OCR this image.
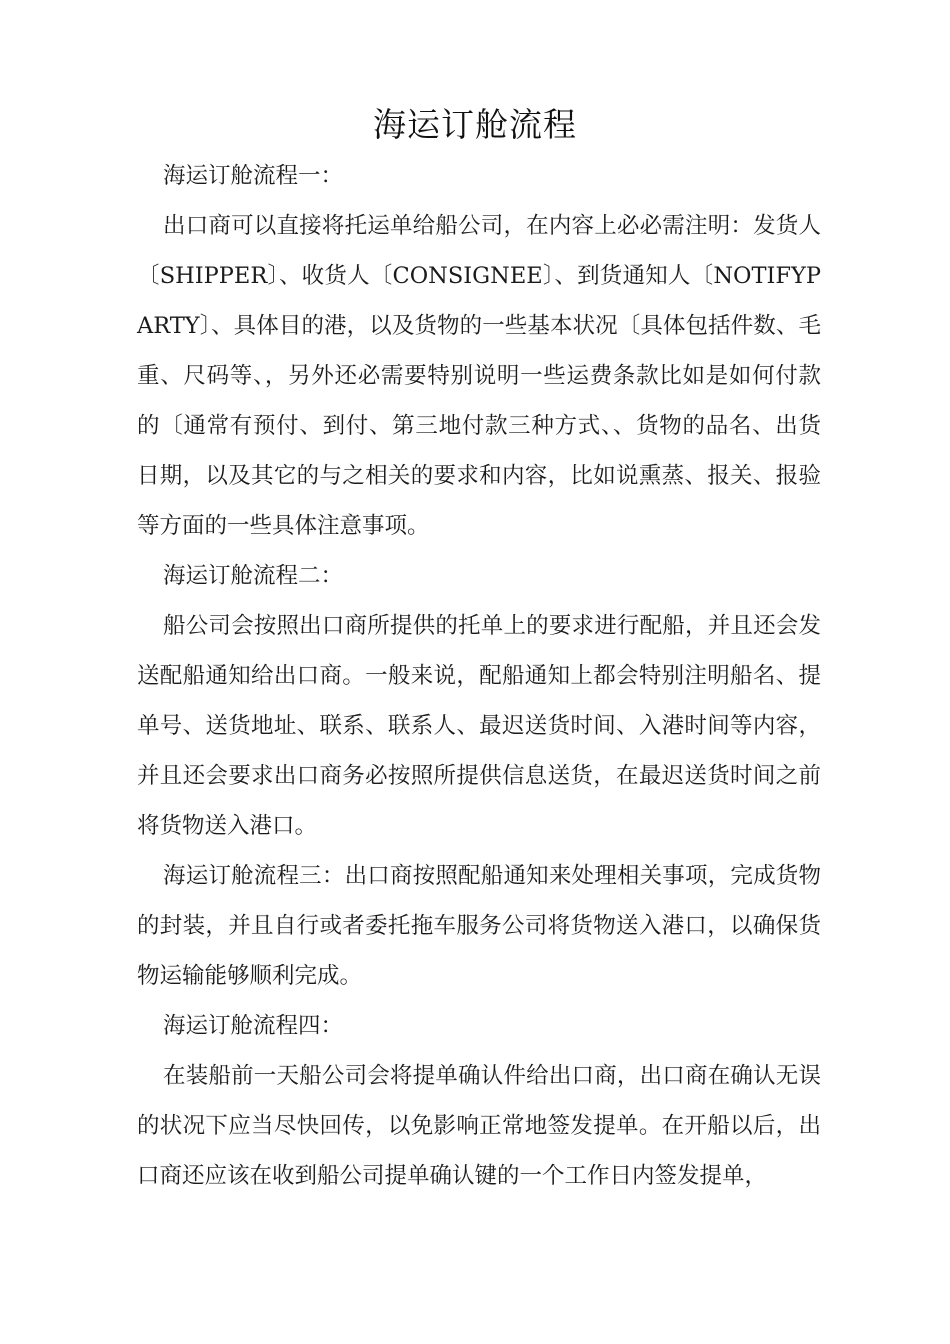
海运订舱流程

海运订舱流程一：

出口商可以直接将托运单给船公司，在内容上必必需注明：发货人〔SHIPPER〕、收货人〔CONSIGNEE〕、到货通知人〔NOTIFYPARTY〕、具体目的港，以及货物的一些基本状况〔具体包括件数、毛重、尺码等、，另外还必需要特别说明一些运费条款比如是如何付款的〔通常有预付、到付、第三地付款三种方式、、货物的品名、出货日期，以及其它的与之相关的要求和内容，比如说熏蒸、报关、报验等方面的一些具体注意事项。

海运订舱流程二：

船公司会按照出口商所提供的托单上的要求进行配船，并且还会发送配船通知给出口商。一般来说，配船通知上都会特别注明船名、提单号、送货地址、联系、联系人、最迟送货时间、入港时间等内容，并且还会要求出口商务必按照所提供信息送货，在最迟送货时间之前将货物送入港口。

海运订舱流程三：出口商按照配船通知来处理相关事项，完成货物的封装，并且自行或者委托拖车服务公司将货物送入港口，以确保货物运输能够顺利完成。

海运订舱流程四：

在装船前一天船公司会将提单确认件给出口商，出口商在确认无误的状况下应当尽快回传，以免影响正常地签发提单。在开船以后，出口商还应该在收到船公司提单确认键的一个工作日内签发提单，
